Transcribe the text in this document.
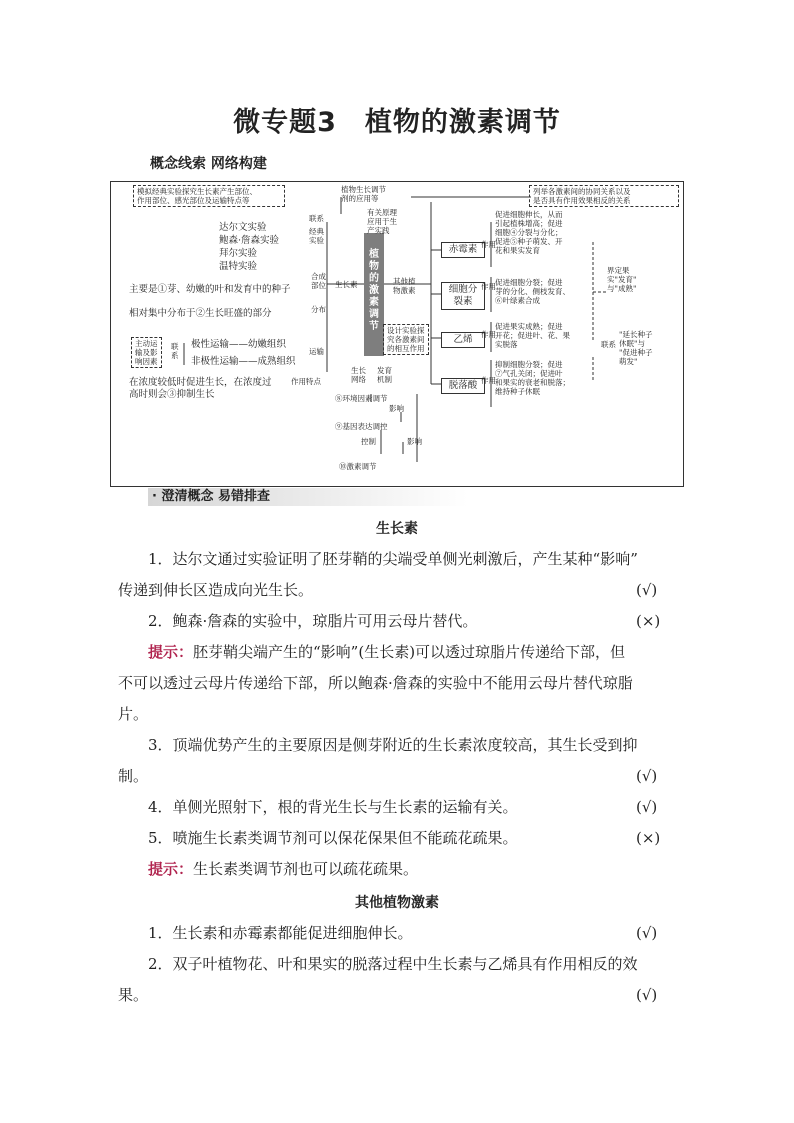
微专题3　植物的激素调节
概念线索 网络构建
模拟经典实验探究生长素产生部位、
作用部位、感光部位及运输特点等
植物生长调节
剂的应用等
列举各激素间的协同关系以及
是否具有作用效果相反的关系
联系
经典
实验
达尔文实验
鲍森·詹森实验
拜尔实验
温特实验
合成
部位
主要是①芽、幼嫩的叶和发育中的种子	生长素
分布
相对集中分布于②生长旺盛的部分
主动运
输及影
响因素
联
系
极性运输——幼嫩组织
非极性运输——成熟组织
运输
在浓度较低时促进生长，在浓度过
高时则会③抑制生长
作用特点
植
物
的
激
素
调
节
有关原理
应用于生
产实践
其他植
物激素
设计实验探
究各激素间
的相互作用
生长
网络
发育
机制
赤霉素
细胞分裂素
乙烯
脱落酸
作用
作用
作用
作用
促进细胞伸长，从而
引起植株增高；促进
细胞④分裂与分化；
促进⑤种子萌发、开
花和果实发育
促进细胞分裂；促进
芽的分化、侧枝发育、
⑥叶绿素合成
促进果实成熟；促进
开花；促进叶、花、果
实脱落
抑制细胞分裂；促进
⑦气孔关闭；促进叶
和果实的衰老和脱落；
维持种子休眠
界定果
实"发育"
与"成熟"
联系
"延长种子
休眠"与
"促进种子
萌发"
⑧环境因素调节
影响
⑨基因表达调控
控制	影响
⑩激素调节
· 澄清概念 易错排查
生长素
1．达尔文通过实验证明了胚芽鞘的尖端受单侧光刺激后，产生某种“影响”
传递到伸长区造成向光生长。	(√)
2．鲍森·詹森的实验中，琼脂片可用云母片替代。	(×)
提示：胚芽鞘尖端产生的“影响”(生长素)可以透过琼脂片传递给下部，但
不可以透过云母片传递给下部，所以鲍森·詹森的实验中不能用云母片替代琼脂
片。
3．顶端优势产生的主要原因是侧芽附近的生长素浓度较高，其生长受到抑
制。	(√)
4．单侧光照射下，根的背光生长与生长素的运输有关。	(√)
5．喷施生长素类调节剂可以保花保果但不能疏花疏果。	(×)
提示：生长素类调节剂也可以疏花疏果。
其他植物激素
1．生长素和赤霉素都能促进细胞伸长。	(√)
2．双子叶植物花、叶和果实的脱落过程中生长素与乙烯具有作用相反的效
果。	(√)
